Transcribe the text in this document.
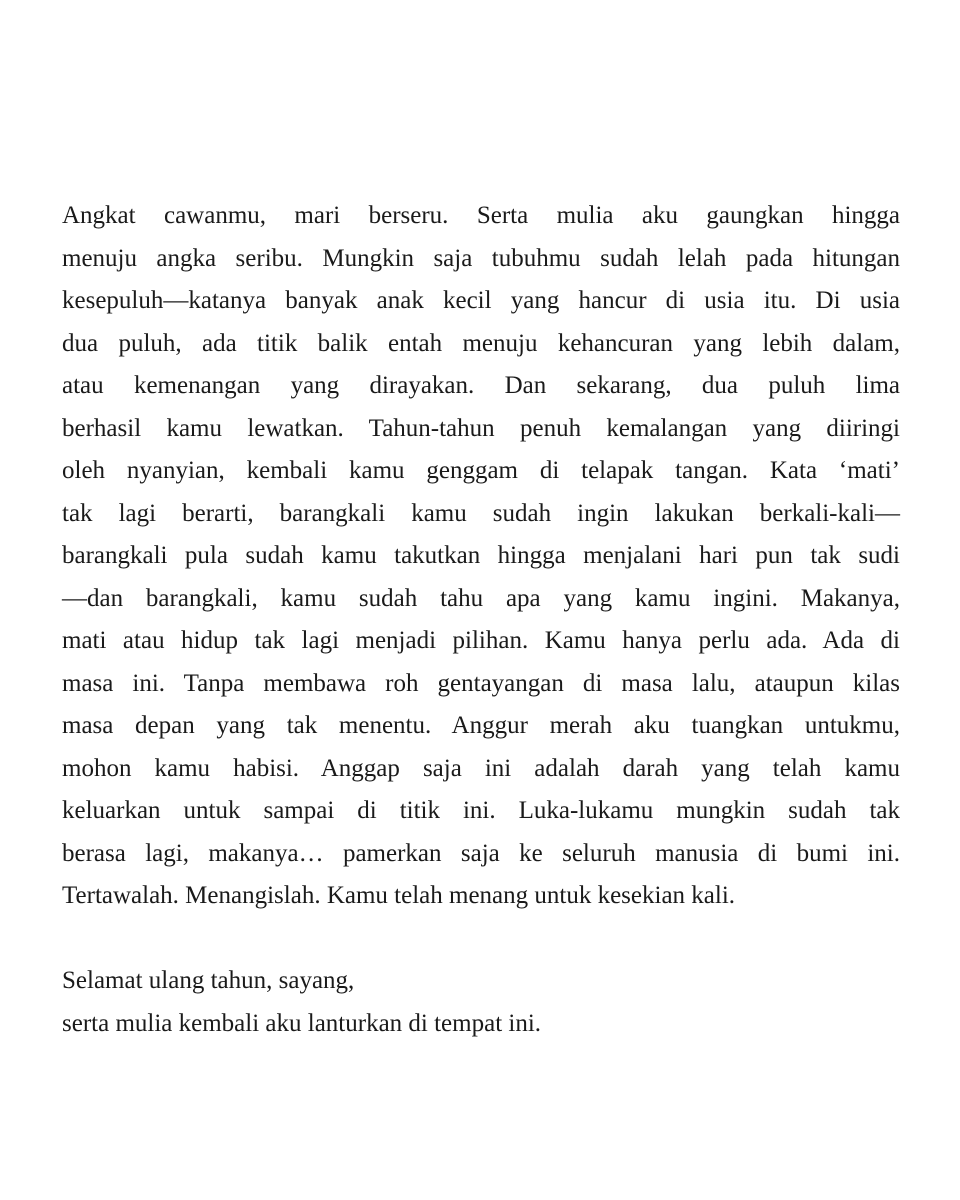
Angkat cawanmu, mari berseru. Serta mulia aku gaungkan hingga
menuju angka seribu. Mungkin saja tubuhmu sudah lelah pada hitungan
kesepuluh—katanya banyak anak kecil yang hancur di usia itu. Di usia
dua puluh, ada titik balik entah menuju kehancuran yang lebih dalam,
atau kemenangan yang dirayakan. Dan sekarang, dua puluh lima
berhasil kamu lewatkan. Tahun-tahun penuh kemalangan yang diiringi
oleh nyanyian, kembali kamu genggam di telapak tangan. Kata ‘mati’
tak lagi berarti, barangkali kamu sudah ingin lakukan berkali-kali—
barangkali pula sudah kamu takutkan hingga menjalani hari pun tak sudi
—dan barangkali, kamu sudah tahu apa yang kamu ingini. Makanya,
mati atau hidup tak lagi menjadi pilihan. Kamu hanya perlu ada. Ada di
masa ini. Tanpa membawa roh gentayangan di masa lalu, ataupun kilas
masa depan yang tak menentu. Anggur merah aku tuangkan untukmu,
mohon kamu habisi. Anggap saja ini adalah darah yang telah kamu
keluarkan untuk sampai di titik ini. Luka-lukamu mungkin sudah tak
berasa lagi, makanya… pamerkan saja ke seluruh manusia di bumi ini.
Tertawalah. Menangislah. Kamu telah menang untuk kesekian kali.
Selamat ulang tahun, sayang,
serta mulia kembali aku lanturkan di tempat ini.
